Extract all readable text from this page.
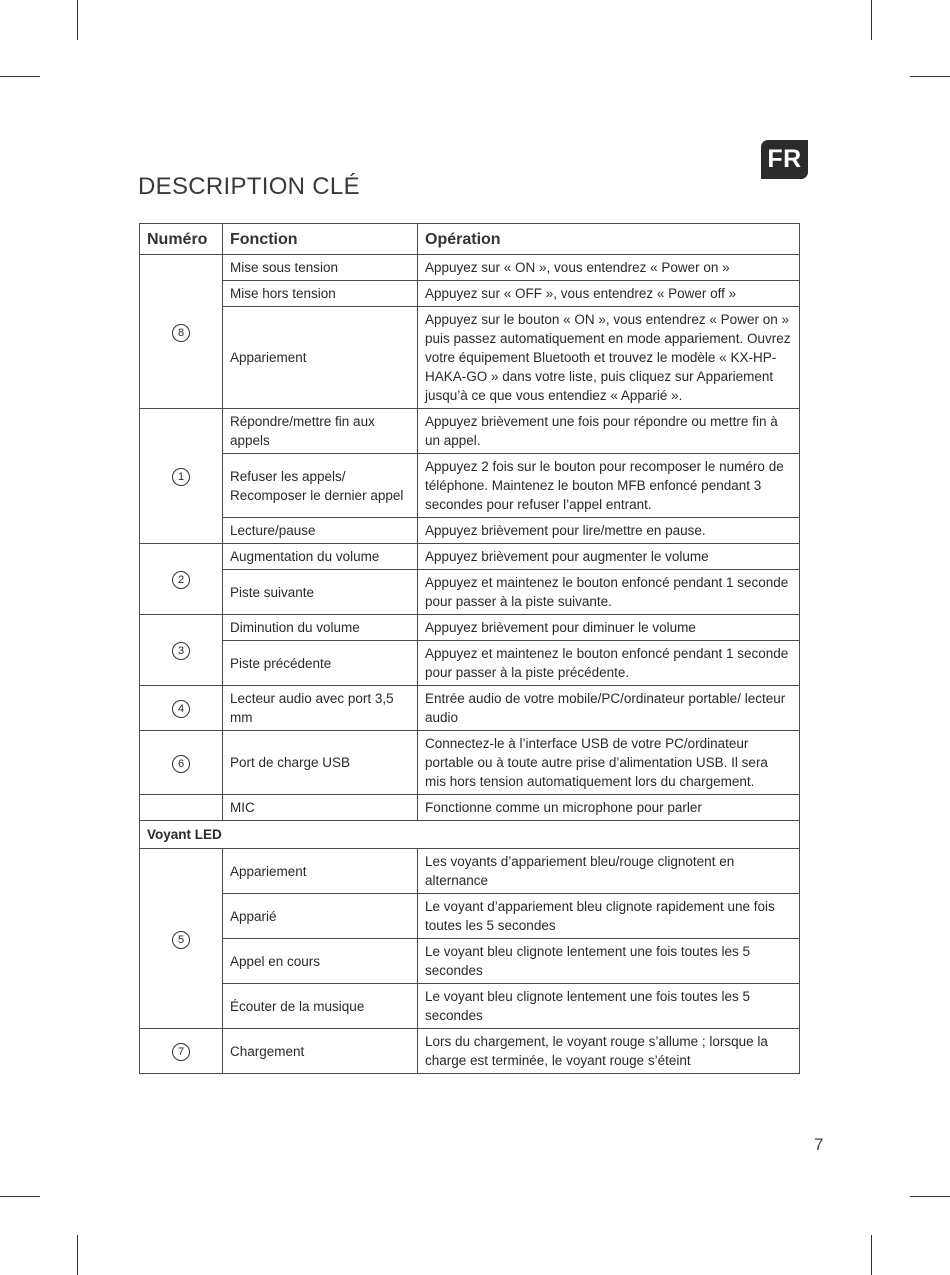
FR
DESCRIPTION CLÉ
Numéro	Fonction	Opération
8	Mise sous tension	Appuyez sur « ON », vous entendrez « Power on »
	Mise hors tension	Appuyez sur « OFF », vous entendrez « Power off »
	Appariement	Appuyez sur le bouton « ON », vous entendrez « Power on » puis passez automatiquement en mode appariement. Ouvrez votre équipement Bluetooth et trouvez le modèle « KX-HP-HAKA-GO » dans votre liste, puis cliquez sur Appariement jusqu’à ce que vous entendiez « Apparié ».
1	Répondre/mettre fin aux appels	Appuyez brièvement une fois pour répondre ou mettre fin à un appel.
	Refuser les appels/ Recomposer le dernier appel	Appuyez 2 fois sur le bouton pour recomposer le numéro de téléphone. Maintenez le bouton MFB enfoncé pendant 3 secondes pour refuser l’appel entrant.
	Lecture/pause	Appuyez brièvement pour lire/mettre en pause.
2	Augmentation du volume	Appuyez brièvement pour augmenter le volume
	Piste suivante	Appuyez et maintenez le bouton enfoncé pendant 1 seconde pour passer à la piste suivante.
3	Diminution du volume	Appuyez brièvement pour diminuer le volume
	Piste précédente	Appuyez et maintenez le bouton enfoncé pendant 1 seconde pour passer à la piste précédente.
4	Lecteur audio avec port 3,5 mm	Entrée audio de votre mobile/PC/ordinateur portable/ lecteur audio
6	Port de charge USB	Connectez-le à l’interface USB de votre PC/ordinateur portable ou à toute autre prise d’alimentation USB. Il sera mis hors tension automatiquement lors du chargement.
	MIC	Fonctionne comme un microphone pour parler
Voyant LED		
5	Appariement	Les voyants d’appariement bleu/rouge clignotent en alternance
	Apparié	Le voyant d’appariement bleu clignote rapidement une fois toutes les 5 secondes
	Appel en cours	Le voyant bleu clignote lentement une fois toutes les 5 secondes
	Écouter de la musique	Le voyant bleu clignote lentement une fois toutes les 5 secondes
7	Chargement	Lors du chargement, le voyant rouge s’allume ; lorsque la charge est terminée, le voyant rouge s’éteint
7
